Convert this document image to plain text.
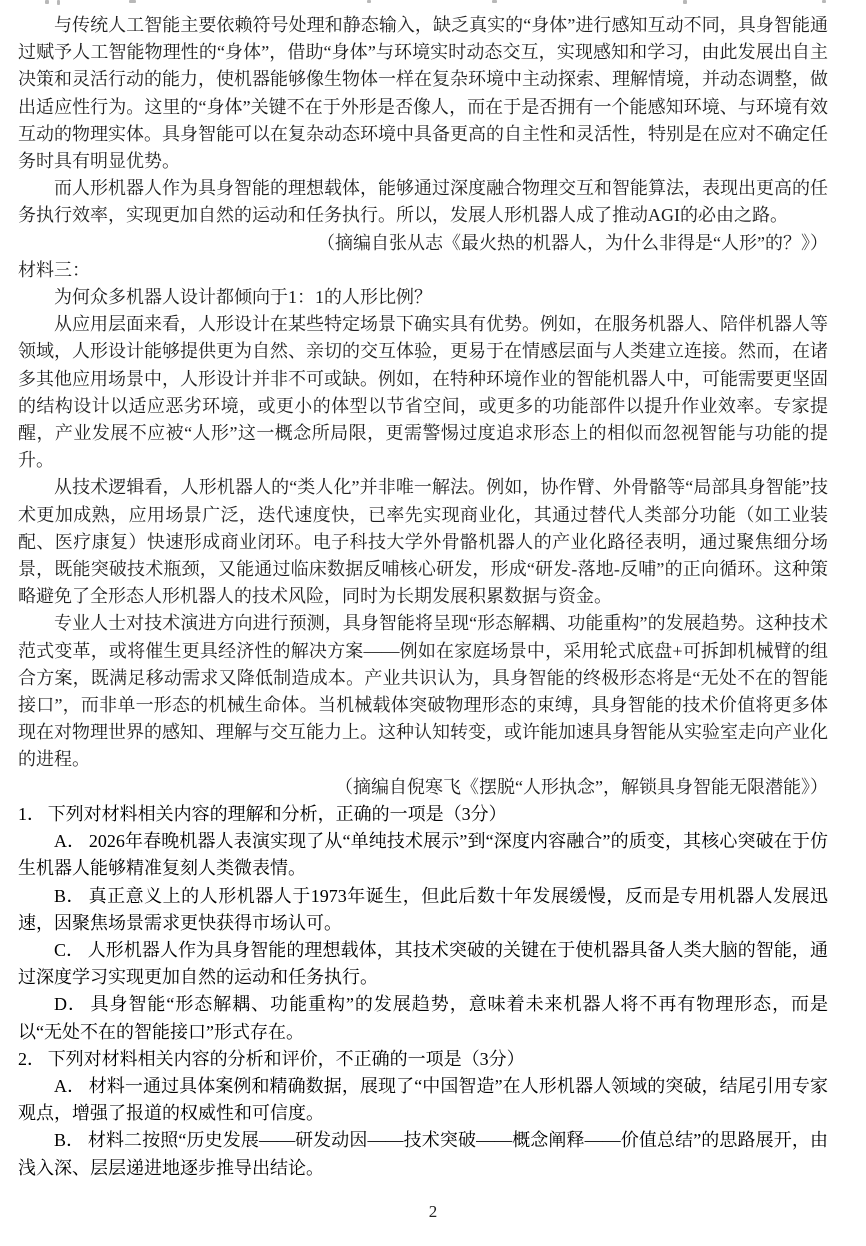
与传统人工智能主要依赖符号处理和静态输入，缺乏真实的“身体”进行感知互动不同，具身智能通过赋予人工智能物理性的“身体”，借助“身体”与环境实时动态交互，实现感知和学习，由此发展出自主决策和灵活行动的能力，使机器能够像生物体一样在复杂环境中主动探索、理解情境，并动态调整，做出适应性行为。这里的“身体”关键不在于外形是否像人，而在于是否拥有一个能感知环境、与环境有效互动的物理实体。具身智能可以在复杂动态环境中具备更高的自主性和灵活性，特别是在应对不确定任务时具有明显优势。

而人形机器人作为具身智能的理想载体，能够通过深度融合物理交互和智能算法，表现出更高的任务执行效率，实现更加自然的运动和任务执行。所以，发展人形机器人成了推动AGI的必由之路。

（摘编自张从志《最火热的机器人，为什么非得是“人形”的？》）

材料三：

为何众多机器人设计都倾向于1：1的人形比例？

从应用层面来看，人形设计在某些特定场景下确实具有优势。例如，在服务机器人、陪伴机器人等领域，人形设计能够提供更为自然、亲切的交互体验，更易于在情感层面与人类建立连接。然而，在诸多其他应用场景中，人形设计并非不可或缺。例如，在特种环境作业的智能机器人中，可能需要更坚固的结构设计以适应恶劣环境，或更小的体型以节省空间，或更多的功能部件以提升作业效率。专家提醒，产业发展不应被“人形”这一概念所局限，更需警惕过度追求形态上的相似而忽视智能与功能的提升。

从技术逻辑看，人形机器人的“类人化”并非唯一解法。例如，协作臂、外骨骼等“局部具身智能”技术更加成熟，应用场景广泛，迭代速度快，已率先实现商业化，其通过替代人类部分功能（如工业装配、医疗康复）快速形成商业闭环。电子科技大学外骨骼机器人的产业化路径表明，通过聚焦细分场景，既能突破技术瓶颈，又能通过临床数据反哺核心研发，形成“研发-落地-反哺”的正向循环。这种策略避免了全形态人形机器人的技术风险，同时为长期发展积累数据与资金。

专业人士对技术演进方向进行预测，具身智能将呈现“形态解耦、功能重构”的发展趋势。这种技术范式变革，或将催生更具经济性的解决方案——例如在家庭场景中，采用轮式底盘+可拆卸机械臂的组合方案，既满足移动需求又降低制造成本。产业共识认为，具身智能的终极形态将是“无处不在的智能接口”，而非单一形态的机械生命体。当机械载体突破物理形态的束缚，具身智能的技术价值将更多体现在对物理世界的感知、理解与交互能力上。这种认知转变，或许能加速具身智能从实验室走向产业化的进程。

（摘编自倪寒飞《摆脱“人形执念”，解锁具身智能无限潜能》）

1． 下列对材料相关内容的理解和分析，正确的一项是（3分）

A． 2026年春晚机器人表演实现了从“单纯技术展示”到“深度内容融合”的质变，其核心突破在于仿生机器人能够精准复刻人类微表情。

B． 真正意义上的人形机器人于1973年诞生，但此后数十年发展缓慢，反而是专用机器人发展迅速，因聚焦场景需求更快获得市场认可。

C． 人形机器人作为具身智能的理想载体，其技术突破的关键在于使机器具备人类大脑的智能，通过深度学习实现更加自然的运动和任务执行。

D． 具身智能“形态解耦、功能重构”的发展趋势，意味着未来机器人将不再有物理形态，而是以“无处不在的智能接口”形式存在。

2． 下列对材料相关内容的分析和评价，不正确的一项是（3分）

A． 材料一通过具体案例和精确数据，展现了“中国智造”在人形机器人领域的突破，结尾引用专家观点，增强了报道的权威性和可信度。

B． 材料二按照“历史发展——研发动因——技术突破——概念阐释——价值总结”的思路展开，由浅入深、层层递进地逐步推导出结论。

2
